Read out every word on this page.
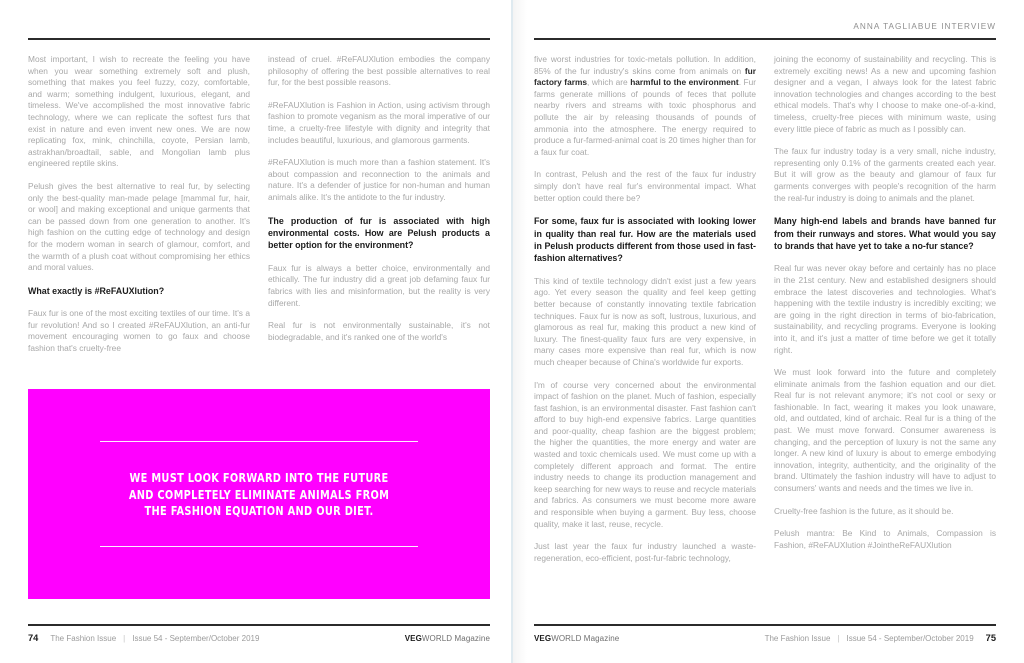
Most important, I wish to recreate the feeling you have when you wear something extremely soft and plush, something that makes you feel fuzzy, cozy, comfortable, and warm; something indulgent, luxurious, elegant, and timeless. We've accomplished the most innovative fabric technology, where we can replicate the softest furs that exist in nature and even invent new ones. We are now replicating fox, mink, chinchilla, coyote, Persian lamb, astrakhan/broadtail, sable, and Mongolian lamb plus engineered reptile skins.

Pelush gives the best alternative to real fur, by selecting only the best-quality man-made pelage [mammal fur, hair, or wool] and making exceptional and unique garments that can be passed down from one generation to another. It's high fashion on the cutting edge of technology and design for the modern woman in search of glamour, comfort, and the warmth of a plush coat without compromising her ethics and moral values.

What exactly is #ReFAUXlution?

Faux fur is one of the most exciting textiles of our time. It's a fur revolution! And so I created #ReFAUXlution, an anti-fur movement encouraging women to go faux and choose fashion that's cruelty-free

instead of cruel. #ReFAUXlution embodies the company philosophy of offering the best possible alternatives to real fur, for the best possible reasons.

#ReFAUXlution is Fashion in Action, using activism through fashion to promote veganism as the moral imperative of our time, a cruelty-free lifestyle with dignity and integrity that includes beautiful, luxurious, and glamorous garments.

#ReFAUXlution is much more than a fashion statement. It's about compassion and reconnection to the animals and nature. It's a defender of justice for non-human and human animals alike. It's the antidote to the fur industry.

The production of fur is associated with high environmental costs. How are Pelush products a better option for the environment?

Faux fur is always a better choice, environmentally and ethically. The fur industry did a great job defaming faux fur fabrics with lies and misinformation, but the reality is very different.

Real fur is not environmentally sustainable, it's not biodegradable, and it's ranked one of the world's

WE MUST LOOK FORWARD INTO THE FUTURE
AND COMPLETELY ELIMINATE ANIMALS FROM
THE FASHION EQUATION AND OUR DIET.
74 The Fashion Issue | Issue 54 - September/October 2019	VEGWORLD Magazine
ANNA TAGLIABUE INTERVIEW

five worst industries for toxic-metals pollution. In addition, 85% of the fur industry's skins come from animals on fur factory farms, which are harmful to the environment. Fur farms generate millions of pounds of feces that pollute nearby rivers and streams with toxic phosphorus and pollute the air by releasing thousands of pounds of ammonia into the atmosphere. The energy required to produce a fur-farmed-animal coat is 20 times higher than for a faux fur coat.

In contrast, Pelush and the rest of the faux fur industry simply don't have real fur's environmental impact. What better option could there be?

For some, faux fur is associated with looking lower in quality than real fur. How are the materials used in Pelush products different from those used in fast-fashion alternatives?

This kind of textile technology didn't exist just a few years ago. Yet every season the quality and feel keep getting better because of constantly innovating textile fabrication techniques. Faux fur is now as soft, lustrous, luxurious, and glamorous as real fur, making this product a new kind of luxury. The finest-quality faux furs are very expensive, in many cases more expensive than real fur, which is now much cheaper because of China's worldwide fur exports.

I'm of course very concerned about the environmental impact of fashion on the planet. Much of fashion, especially fast fashion, is an environmental disaster. Fast fashion can't afford to buy high-end expensive fabrics. Large quantities and poor-quality, cheap fashion are the biggest problem; the higher the quantities, the more energy and water are wasted and toxic chemicals used. We must come up with a completely different approach and format. The entire industry needs to change its production management and keep searching for new ways to reuse and recycle materials and fabrics. As consumers we must become more aware and responsible when buying a garment. Buy less, choose quality, make it last, reuse, recycle.

Just last year the faux fur industry launched a waste-regeneration, eco-efficient, post-fur-fabric technology,

joining the economy of sustainability and recycling. This is extremely exciting news! As a new and upcoming fashion designer and a vegan, I always look for the latest fabric innovation technologies and changes according to the best ethical models. That's why I choose to make one-of-a-kind, timeless, cruelty-free pieces with minimum waste, using every little piece of fabric as much as I possibly can.

The faux fur industry today is a very small, niche industry, representing only 0.1% of the garments created each year. But it will grow as the beauty and glamour of faux fur garments converges with people's recognition of the harm the real-fur industry is doing to animals and the planet.

Many high-end labels and brands have banned fur from their runways and stores. What would you say to brands that have yet to take a no-fur stance?

Real fur was never okay before and certainly has no place in the 21st century. New and established designers should embrace the latest discoveries and technologies. What's happening with the textile industry is incredibly exciting; we are going in the right direction in terms of bio-fabrication, sustainability, and recycling programs. Everyone is looking into it, and it's just a matter of time before we get it totally right.

We must look forward into the future and completely eliminate animals from the fashion equation and our diet. Real fur is not relevant anymore; it's not cool or sexy or fashionable. In fact, wearing it makes you look unaware, old, and outdated, kind of archaic. Real fur is a thing of the past. We must move forward. Consumer awareness is changing, and the perception of luxury is not the same any longer. A new kind of luxury is about to emerge embodying innovation, integrity, authenticity, and the originality of the brand. Ultimately the fashion industry will have to adjust to consumers' wants and needs and the times we live in.

Cruelty-free fashion is the future, as it should be.

Pelush mantra: Be Kind to Animals, Compassion is Fashion, #ReFAUXlution #JointheReFAUXlution

VEGWORLD Magazine	The Fashion Issue | Issue 54 - September/October 2019 75
